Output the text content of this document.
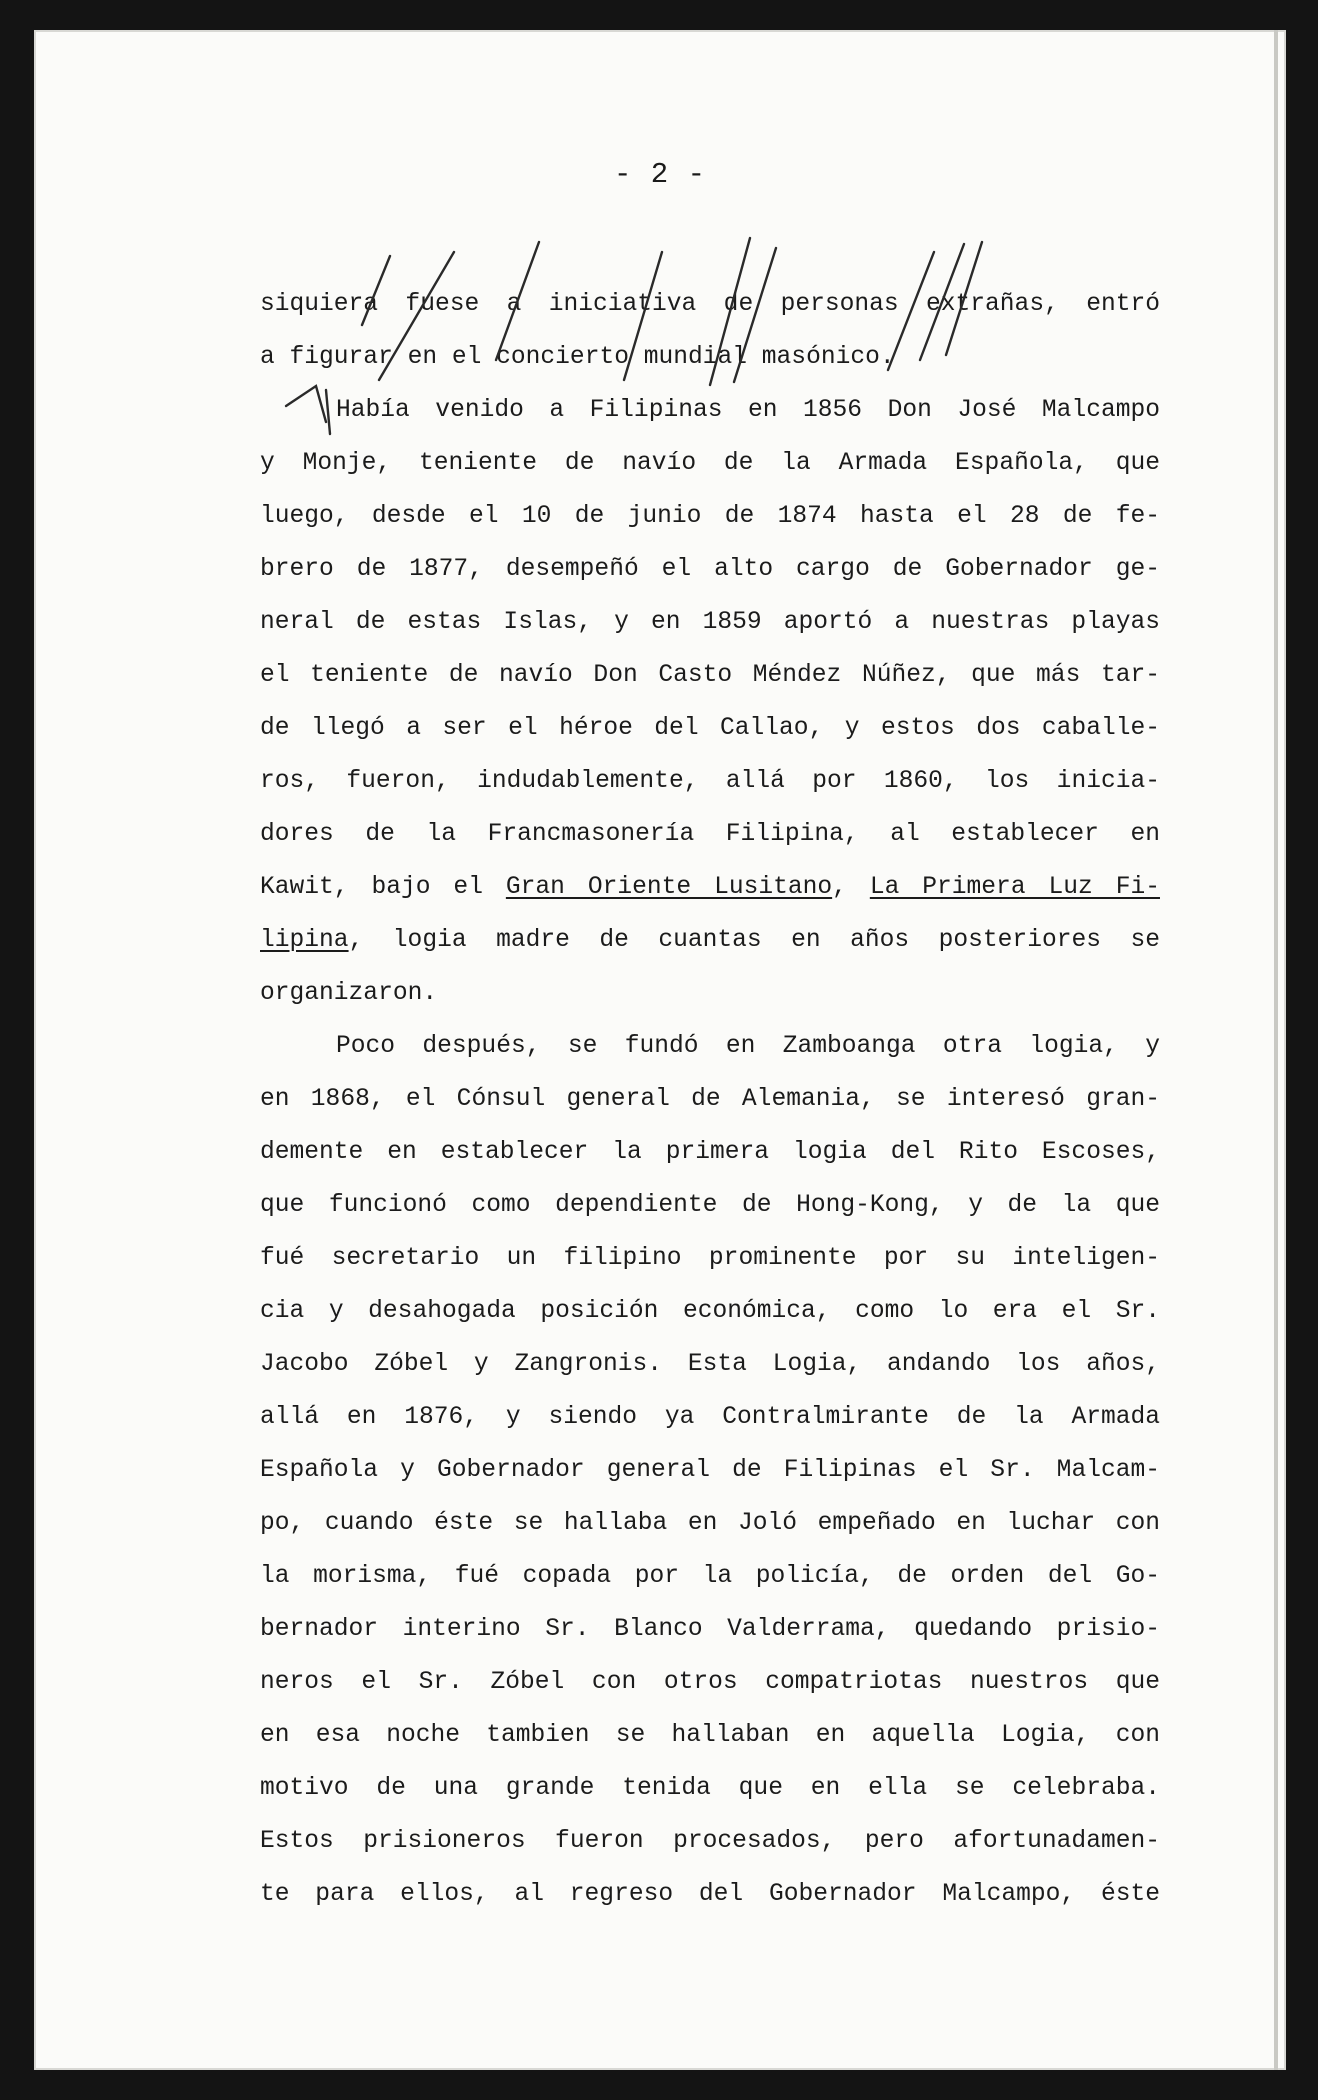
- 2 -
siquiera fuese a iniciativa de personas extrañas, entró
a figurar en el concierto mundial masónico.
Había venido a Filipinas en 1856 Don José Malcampo
y Monje, teniente de navío de la Armada Española, que
luego, desde el 10 de junio de 1874 hasta el 28 de fe-
brero de 1877, desempeñó el alto cargo de Gobernador ge-
neral de estas Islas, y en 1859 aportó a nuestras playas
el teniente de navío Don Casto Méndez Núñez, que más tar-
de llegó a ser el héroe del Callao, y estos dos caballe-
ros, fueron, indudablemente, allá por 1860, los inicia-
dores de la Francmasonería Filipina, al establecer en
Kawit, bajo el Gran Oriente Lusitano, La Primera Luz Fi-
lipina, logia madre de cuantas en años posteriores se
organizaron.
Poco después, se fundó en Zamboanga otra logia, y
en 1868, el Cónsul general de Alemania, se interesó gran-
demente en establecer la primera logia del Rito Escoses,
que funcionó como dependiente de Hong-Kong, y de la que
fué secretario un filipino prominente por su inteligen-
cia y desahogada posición económica, como lo era el Sr.
Jacobo Zóbel y Zangronis. Esta Logia, andando los años,
allá en 1876, y siendo ya Contralmirante de la Armada
Española y Gobernador general de Filipinas el Sr. Malcam-
po, cuando éste se hallaba en Joló empeñado en luchar con
la morisma, fué copada por la policía, de orden del Go-
bernador interino Sr. Blanco Valderrama, quedando prisio-
neros el Sr. Zóbel con otros compatriotas nuestros que
en esa noche tambien se hallaban en aquella Logia, con
motivo de una grande tenida que en ella se celebraba.
Estos prisioneros fueron procesados, pero afortunadamen-
te para ellos, al regreso del Gobernador Malcampo, éste
